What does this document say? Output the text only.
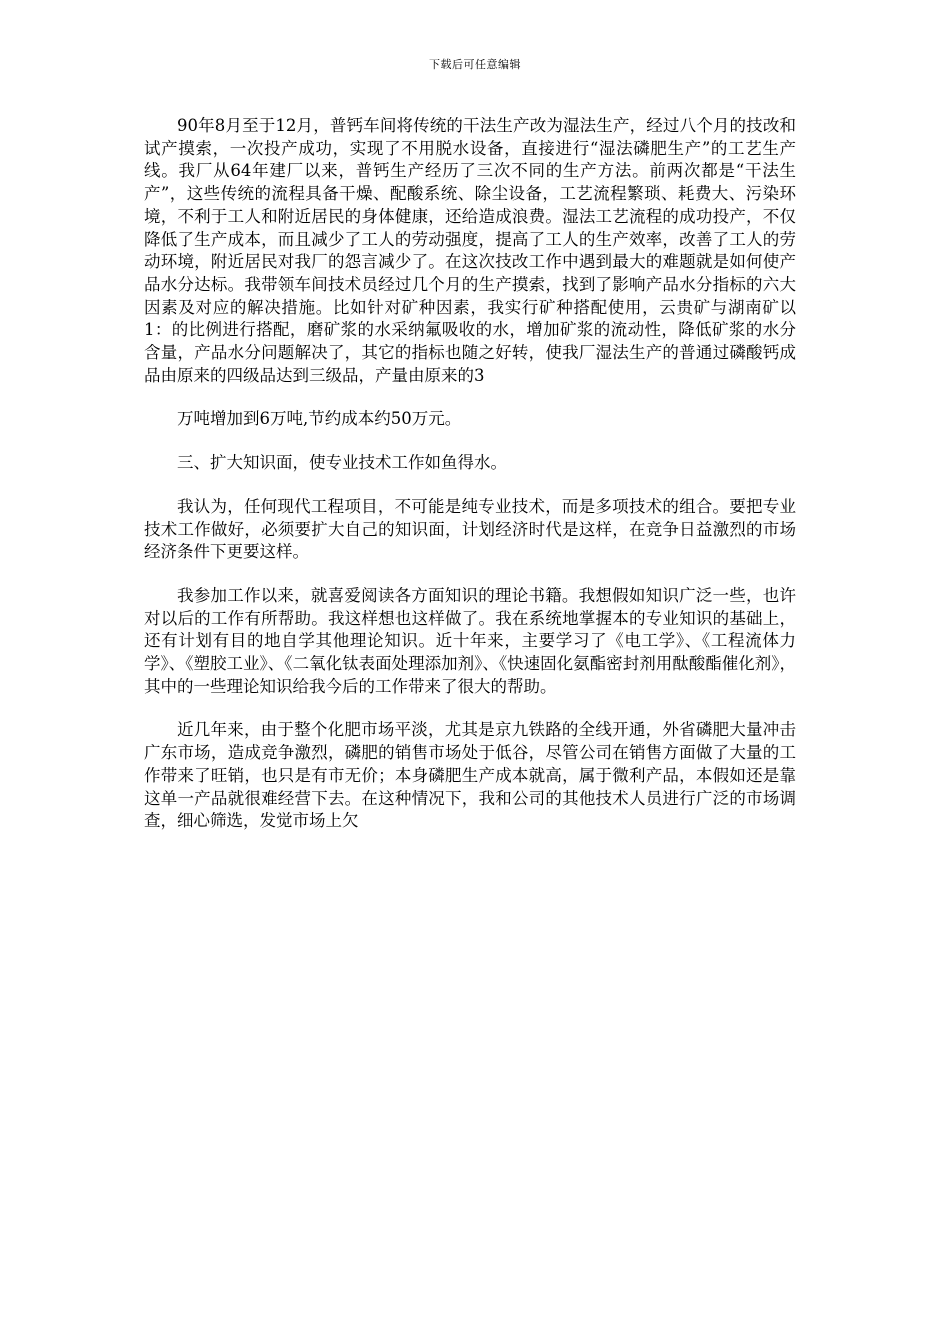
下载后可任意编辑

90年8月至于12月，普钙车间将传统的干法生产改为湿法生产，经过八个月的技改和试产摸索，一次投产成功，实现了不用脱水设备，直接进行“湿法磷肥生产”的工艺生产线。我厂从64年建厂以来，普钙生产经历了三次不同的生产方法。前两次都是“干法生产”，这些传统的流程具备干燥、配酸系统、除尘设备，工艺流程繁琐、耗费大、污染环境，不利于工人和附近居民的身体健康，还给造成浪费。湿法工艺流程的成功投产，不仅降低了生产成本，而且减少了工人的劳动强度，提高了工人的生产效率，改善了工人的劳动环境，附近居民对我厂的怨言减少了。在这次技改工作中遇到最大的难题就是如何使产品水分达标。我带领车间技术员经过几个月的生产摸索，找到了影响产品水分指标的六大因素及对应的解决措施。比如针对矿种因素，我实行矿种搭配使用，云贵矿与湖南矿以1：的比例进行搭配，磨矿浆的水采纳氟吸收的水，增加矿浆的流动性，降低矿浆的水分含量，产品水分问题解决了，其它的指标也随之好转，使我厂湿法生产的普通过磷酸钙成品由原来的四级品达到三级品，产量由原来的3

万吨增加到6万吨,节约成本约50万元。

三、扩大知识面，使专业技术工作如鱼得水。

我认为，任何现代工程项目，不可能是纯专业技术，而是多项技术的组合。要把专业技术工作做好，必须要扩大自己的知识面，计划经济时代是这样，在竞争日益激烈的市场经济条件下更要这样。

我参加工作以来，就喜爱阅读各方面知识的理论书籍。我想假如知识广泛一些，也许对以后的工作有所帮助。我这样想也这样做了。我在系统地掌握本的专业知识的基础上，还有计划有目的地自学其他理论知识。近十年来，主要学习了《电工学》、《工程流体力学》、《塑胶工业》、《二氧化钛表面处理添加剂》、《快速固化氨酯密封剂用酞酸酯催化剂》，其中的一些理论知识给我今后的工作带来了很大的帮助。

近几年来，由于整个化肥市场平淡，尤其是京九铁路的全线开通，外省磷肥大量冲击广东市场，造成竞争激烈，磷肥的销售市场处于低谷，尽管公司在销售方面做了大量的工作带来了旺销，也只是有市无价；本身磷肥生产成本就高，属于微利产品，本假如还是靠这单一产品就很难经营下去。在这种情况下，我和公司的其他技术人员进行广泛的市场调查，细心筛选，发觉市场上欠
